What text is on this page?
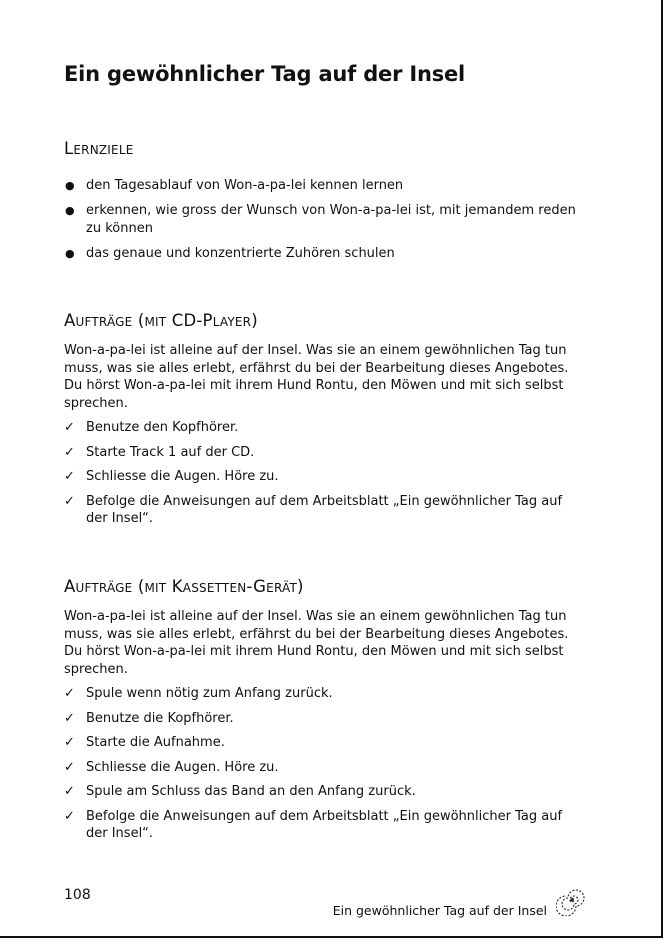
Ein gewöhnlicher Tag auf der Insel
Lernziele
● den Tagesablauf von Won-a-pa-lei kennen lernen
● erkennen, wie gross der Wunsch von Won-a-pa-lei ist, mit jemandem reden zu können
● das genaue und konzentrierte Zuhören schulen
Aufträge (mit CD-Player)

Won-a-pa-lei ist alleine auf der Insel. Was sie an einem gewöhnlichen Tag tun muss, was sie alles erlebt, erfährst du bei der Bearbeitung dieses Angebotes. Du hörst Won-a-pa-lei mit ihrem Hund Rontu, den Möwen und mit sich selbst sprechen.

✓ Benutze den Kopfhörer.
✓ Starte Track 1 auf der CD.
✓ Schliesse die Augen. Höre zu.
✓ Befolge die Anweisungen auf dem Arbeitsblatt „Ein gewöhnlicher Tag auf der Insel“.
Aufträge (mit Kassetten-Gerät)

Won-a-pa-lei ist alleine auf der Insel. Was sie an einem gewöhnlichen Tag tun muss, was sie alles erlebt, erfährst du bei der Bearbeitung dieses Angebotes. Du hörst Won-a-pa-lei mit ihrem Hund Rontu, den Möwen und mit sich selbst sprechen.

✓ Spule wenn nötig zum Anfang zurück.
✓ Benutze die Kopfhörer.
✓ Starte die Aufnahme.
✓ Schliesse die Augen. Höre zu.
✓ Spule am Schluss das Band an den Anfang zurück.
✓ Befolge die Anweisungen auf dem Arbeitsblatt „Ein gewöhnlicher Tag auf der Insel“.
108
Ein gewöhnlicher Tag auf der Insel
